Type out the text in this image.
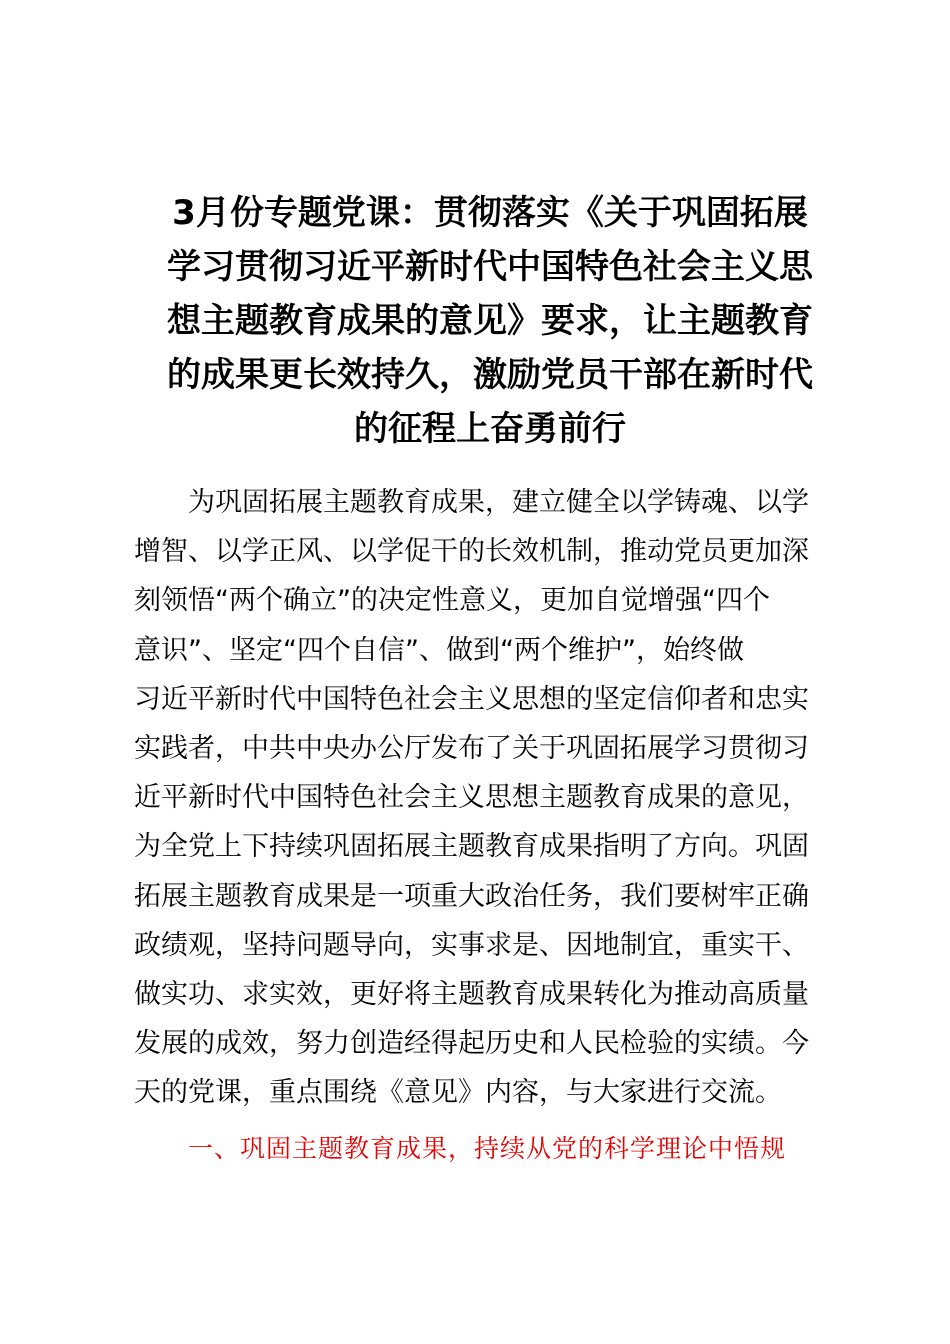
3月份专题党课：贯彻落实《关于巩固拓展
学习贯彻习近平新时代中国特色社会主义思
想主题教育成果的意见》要求，让主题教育
的成果更长效持久，激励党员干部在新时代
的征程上奋勇前行
为巩固拓展主题教育成果，建立健全以学铸魂、以学
增智、以学正风、以学促干的长效机制，推动党员更加深
刻领悟“两个确立”的决定性意义，更加自觉增强“四个
意识”、坚定“四个自信”、做到“两个维护”，始终做
习近平新时代中国特色社会主义思想的坚定信仰者和忠实
实践者，中共中央办公厅发布了关于巩固拓展学习贯彻习
近平新时代中国特色社会主义思想主题教育成果的意见，
为全党上下持续巩固拓展主题教育成果指明了方向。巩固
拓展主题教育成果是一项重大政治任务，我们要树牢正确
政绩观，坚持问题导向，实事求是、因地制宜，重实干、
做实功、求实效，更好将主题教育成果转化为推动高质量
发展的成效，努力创造经得起历史和人民检验的实绩。今
天的党课，重点围绕《意见》内容，与大家进行交流。
一、巩固主题教育成果，持续从党的科学理论中悟规
